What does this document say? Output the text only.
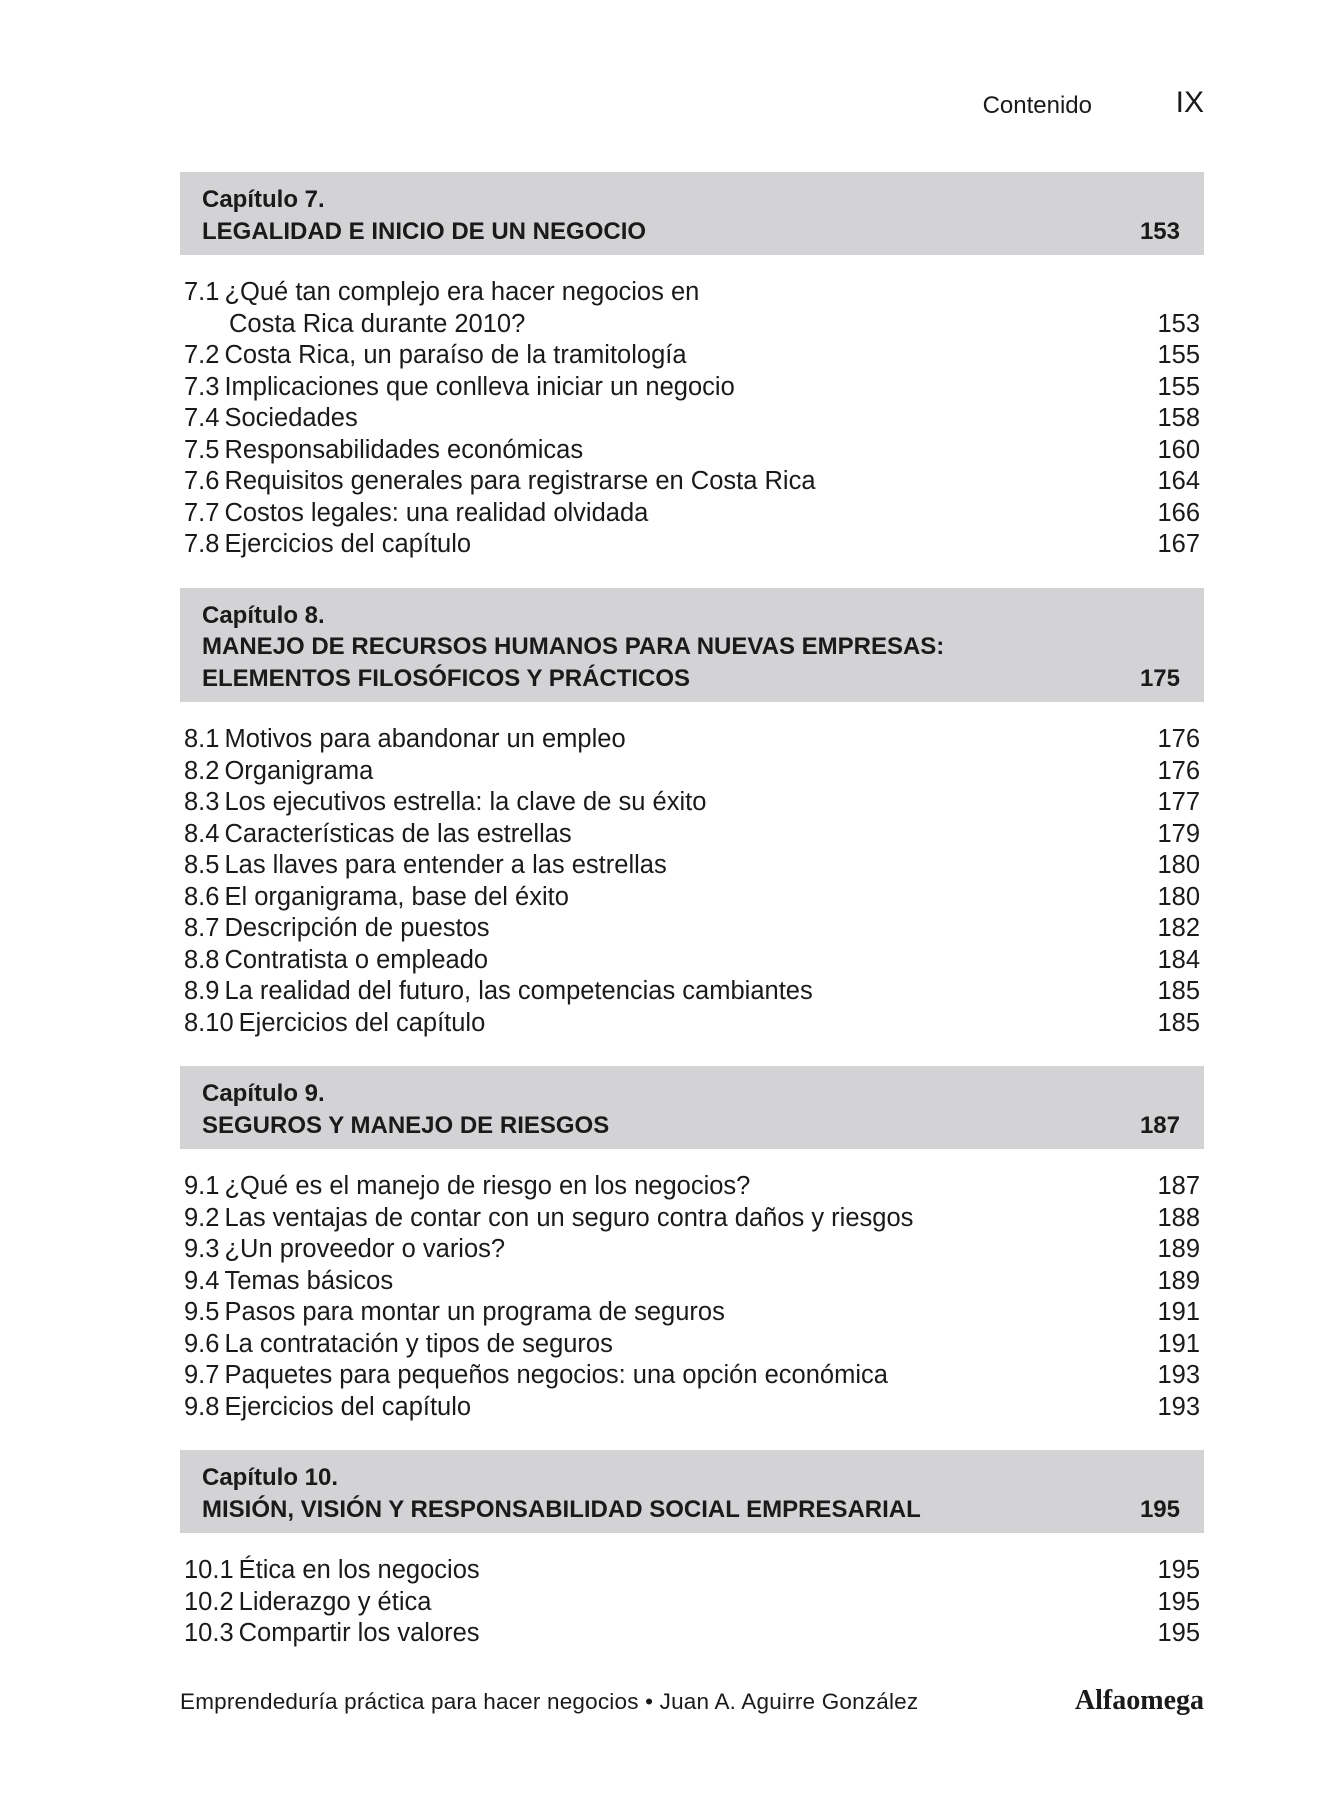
Contenido	IX
Capítulo 7.
LEGALIDAD E INICIO DE UN NEGOCIO	153
7.1 ¿Qué tan complejo era hacer negocios en
Costa Rica durante 2010?	153
7.2 Costa Rica, un paraíso de la tramitología	155
7.3 Implicaciones que conlleva iniciar un negocio	155
7.4 Sociedades	158
7.5 Responsabilidades económicas	160
7.6 Requisitos generales para registrarse en Costa Rica	164
7.7 Costos legales: una realidad olvidada	166
7.8 Ejercicios del capítulo	167
Capítulo 8.
MANEJO DE RECURSOS HUMANOS PARA NUEVAS EMPRESAS:
ELEMENTOS FILOSÓFICOS Y PRÁCTICOS	175
8.1 Motivos para abandonar un empleo	176
8.2 Organigrama	176
8.3 Los ejecutivos estrella: la clave de su éxito	177
8.4 Características de las estrellas	179
8.5 Las llaves para entender a las estrellas	180
8.6 El organigrama, base del éxito	180
8.7 Descripción de puestos	182
8.8 Contratista o empleado	184
8.9 La realidad del futuro, las competencias cambiantes	185
8.10 Ejercicios del capítulo	185
Capítulo 9.
SEGUROS Y MANEJO DE RIESGOS	187
9.1 ¿Qué es el manejo de riesgo en los negocios?	187
9.2 Las ventajas de contar con un seguro contra daños y riesgos	188
9.3 ¿Un proveedor o varios?	189
9.4 Temas básicos	189
9.5 Pasos para montar un programa de seguros	191
9.6 La contratación y tipos de seguros	191
9.7 Paquetes para pequeños negocios: una opción económica	193
9.8 Ejercicios del capítulo	193
Capítulo 10.
MISIÓN, VISIÓN Y RESPONSABILIDAD SOCIAL EMPRESARIAL	195
10.1 Ética en los negocios	195
10.2 Liderazgo y ética	195
10.3 Compartir los valores	195
Emprendeduría práctica para hacer negocios • Juan A. Aguirre González	Alfaomega
